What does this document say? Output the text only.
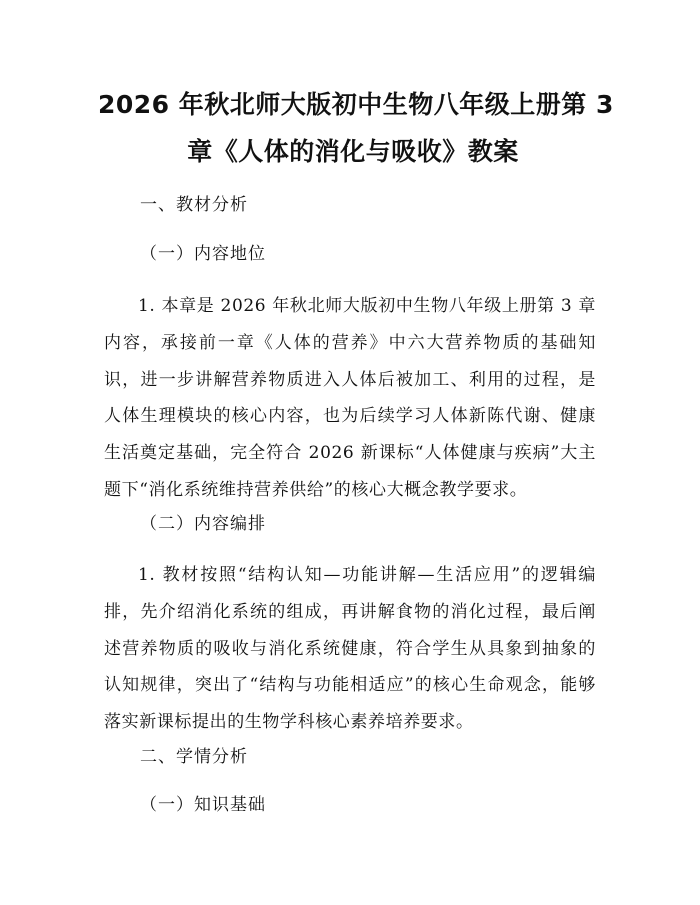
2026 年秋北师大版初中生物八年级上册第 3
章《人体的消化与吸收》教案
一、教材分析
（一）内容地位

1. 本章是 2026 年秋北师大版初中生物八年级上册第 3 章内容，承接前一章《人体的营养》中六大营养物质的基础知识，进一步讲解营养物质进入人体后被加工、利用的过程，是人体生理模块的核心内容，也为后续学习人体新陈代谢、健康生活奠定基础，完全符合 2026 新课标“人体健康与疾病”大主题下“消化系统维持营养供给”的核心大概念教学要求。

（二）内容编排

1. 教材按照“结构认知—功能讲解—生活应用”的逻辑编排，先介绍消化系统的组成，再讲解食物的消化过程，最后阐述营养物质的吸收与消化系统健康，符合学生从具象到抽象的认知规律，突出了“结构与功能相适应”的核心生命观念，能够落实新课标提出的生物学科核心素养培养要求。

二、学情分析
（一）知识基础
